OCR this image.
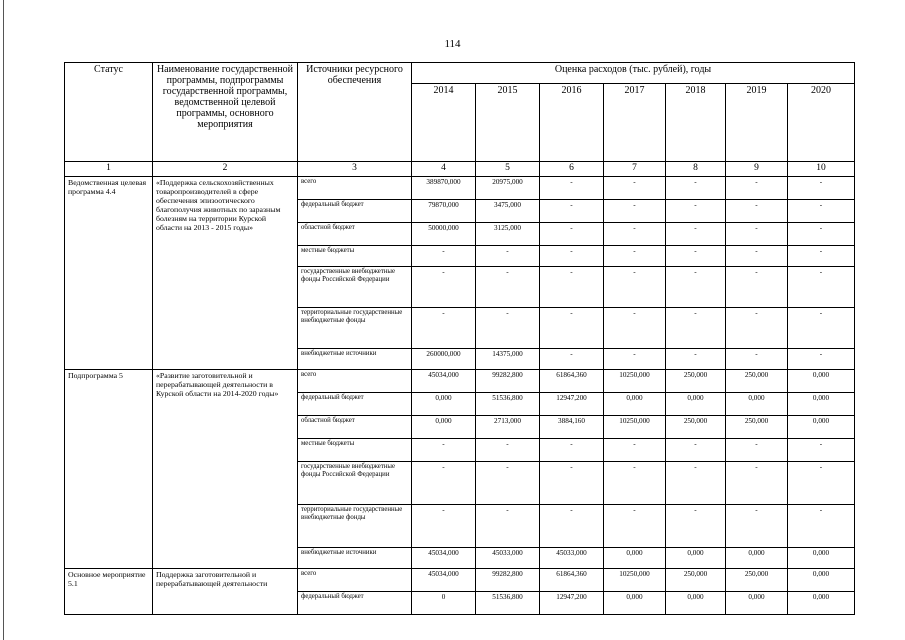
114
Статус	Наименование государственной программы, подпрограммы государственной программы, ведомственной целевой программы, основного мероприятия	Источники ресурсного обеспечения	Оценка расходов (тыс. рублей), годы						
			2014	2015	2016	2017	2018	2019	2020
1	2	3	4	5	6	7	8	9	10
Ведомственная целевая программа 4.4	«Поддержка сельскохозяйственных товаропроизводителей в сфере обеспечения эпизоотического благополучия животных по заразным болезням на территории Курской области на 2013 - 2015 годы»	всего	389870,000	20975,000	-	-	-	-	-
		федеральный бюджет	79870,000	3475,000	-	-	-	-	-
		областной бюджет	50000,000	3125,000	-	-	-	-	-
		местные бюджеты	-	-	-	-	-	-	-
		государственные внебюджетные фонды Российской Федерации	-	-	-	-	-	-	-
		территориальные государственные внебюджетные фонды	-	-	-	-	-	-	-
		внебюджетные источники	260000,000	14375,000	-	-	-	-	-
Подпрограмма 5	«Развитие заготовительной и перерабатывающей деятельности в Курской области на 2014-2020 годы»	всего	45034,000	99282,800	61864,360	10250,000	250,000	250,000	0,000
		федеральный бюджет	0,000	51536,800	12947,200	0,000	0,000	0,000	0,000
		областной бюджет	0,000	2713,000	3884,160	10250,000	250,000	250,000	0,000
		местные бюджеты	-	-	-	-	-	-	-
		государственные внебюджетные фонды Российской Федерации	-	-	-	-	-	-	-
		территориальные государственные внебюджетные фонды	-	-	-	-	-	-	-
		внебюджетные источники	45034,000	45033,000	45033,000	0,000	0,000	0,000	0,000
Основное мероприятие 5.1	Поддержка заготовительной и перерабатывающей деятельности	всего	45034,000	99282,800	61864,360	10250,000	250,000	250,000	0,000
		федеральный бюджет	0	51536,800	12947,200	0,000	0,000	0,000	0,000
